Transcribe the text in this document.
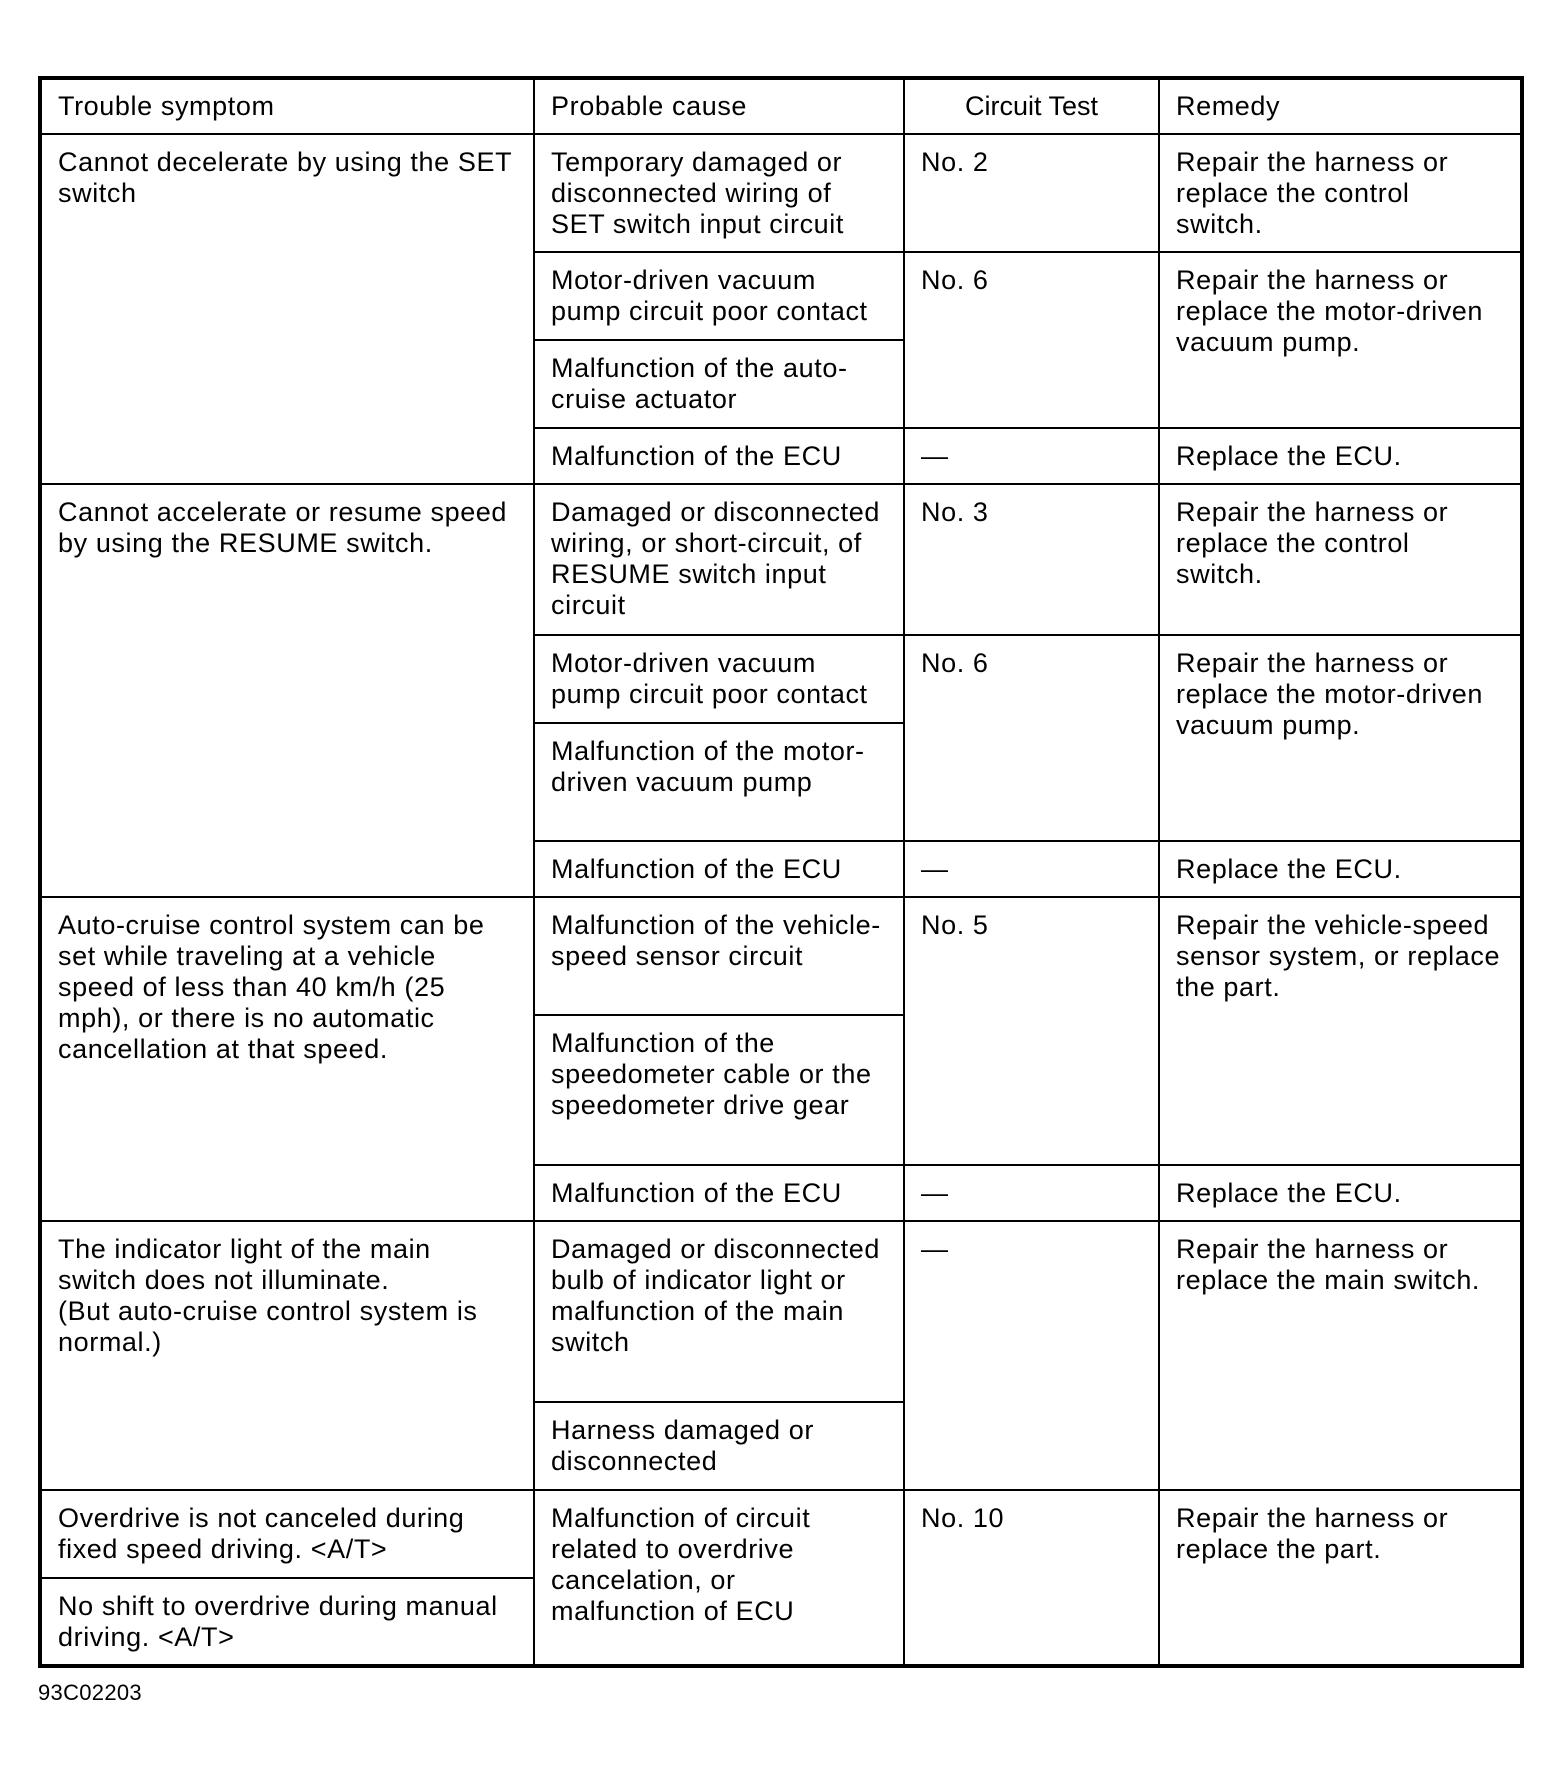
Trouble symptom	Probable cause	Circuit Test	Remedy
Cannot decelerate by using the SET switch	Temporary damaged or disconnected wiring of SET switch input circuit	No. 2	Repair the harness or replace the control switch.
	Motor-driven vacuum pump circuit poor contact	No. 6	Repair the harness or replace the motor-driven vacuum pump.
	Malfunction of the auto-cruise actuator		
	Malfunction of the ECU	—	Replace the ECU.
Cannot accelerate or resume speed by using the RESUME switch.	Damaged or disconnected wiring, or short-circuit, of RESUME switch input circuit	No. 3	Repair the harness or replace the control switch.
	Motor-driven vacuum pump circuit poor contact	No. 6	Repair the harness or replace the motor-driven vacuum pump.
	Malfunction of the motor-driven vacuum pump		
	Malfunction of the ECU	—	Replace the ECU.
Auto-cruise control system can be set while traveling at a vehicle speed of less than 40 km/h (25 mph), or there is no automatic cancellation at that speed.	Malfunction of the vehicle-speed sensor circuit	No. 5	Repair the vehicle-speed sensor system, or replace the part.
	Malfunction of the speedometer cable or the speedometer drive gear		
	Malfunction of the ECU	—	Replace the ECU.

The indicator light of the main switch does not illuminate.
(But auto-cruise control system is normal.)	Damaged or disconnected bulb of indicator light or malfunction of the main switch	—	Repair the harness or replace the main switch.
	Harness damaged or disconnected		
Overdrive is not canceled during fixed speed driving. <A/T>	Malfunction of circuit related to overdrive cancelation, or malfunction of ECU	No. 10	Repair the harness or replace the part.
No shift to overdrive during manual driving. <A/T>			
93C02203
